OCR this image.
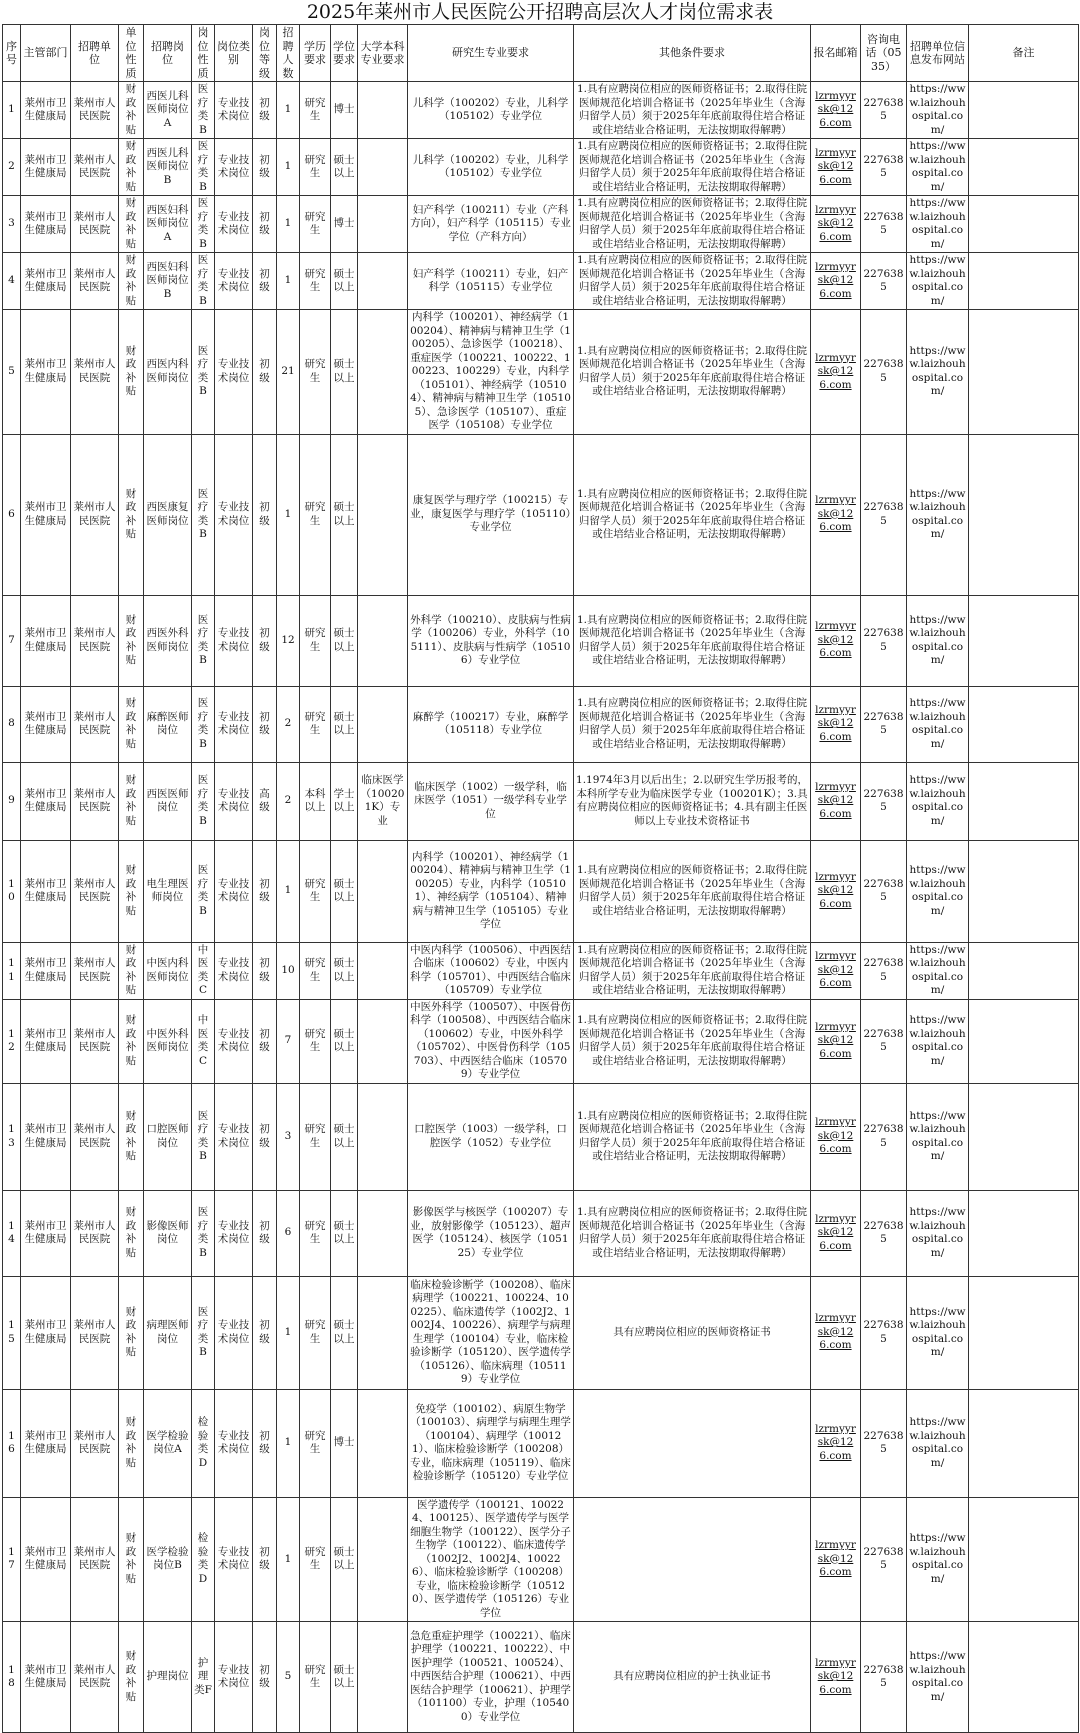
2025年莱州市人民医院公开招聘高层次人才岗位需求表
序号	主管部门	招聘单位	单位性质	招聘岗位	岗位性质	岗位类别	岗位等级	招聘人数	学历要求	学位要求	大学本科专业要求	研究生专业要求	其他条件要求	报名邮箱	咨询电话（0535）	招聘单位信息发布网站	备注
1	莱州市卫生健康局	莱州市人民医院	财政补贴	西医儿科医师岗位A	医疗类B	专业技术岗位	初级	1	研究生	博士		儿科学（100202）专业，儿科学（105102）专业学位	1.具有应聘岗位相应的医师资格证书；2.取得住院医师规范化培训合格证书（2025年毕业生（含海归留学人员）须于2025年年底前取得住培合格证或住培结业合格证明，无法按期取得解聘）	lzrmyyrsk@126.com	2276385	https://www.laizhouhospital.com/	
2	莱州市卫生健康局	莱州市人民医院	财政补贴	西医儿科医师岗位B	医疗类B	专业技术岗位	初级	1	研究生	硕士以上		儿科学（100202）专业，儿科学（105102）专业学位	1.具有应聘岗位相应的医师资格证书；2.取得住院医师规范化培训合格证书（2025年毕业生（含海归留学人员）须于2025年年底前取得住培合格证或住培结业合格证明，无法按期取得解聘）	lzrmyyrsk@126.com	2276385	https://www.laizhouhospital.com/	
3	莱州市卫生健康局	莱州市人民医院	财政补贴	西医妇科医师岗位A	医疗类B	专业技术岗位	初级	1	研究生	博士		妇产科学（100211）专业（产科方向），妇产科学（105115）专业学位（产科方向）	1.具有应聘岗位相应的医师资格证书；2.取得住院医师规范化培训合格证书（2025年毕业生（含海归留学人员）须于2025年年底前取得住培合格证或住培结业合格证明，无法按期取得解聘）	lzrmyyrsk@126.com	2276385	https://www.laizhouhospital.com/	
4	莱州市卫生健康局	莱州市人民医院	财政补贴	西医妇科医师岗位B	医疗类B	专业技术岗位	初级	1	研究生	硕士以上		妇产科学（100211）专业，妇产科学（105115）专业学位	1.具有应聘岗位相应的医师资格证书；2.取得住院医师规范化培训合格证书（2025年毕业生（含海归留学人员）须于2025年年底前取得住培合格证或住培结业合格证明，无法按期取得解聘）	lzrmyyrsk@126.com	2276385	https://www.laizhouhospital.com/	
5	莱州市卫生健康局	莱州市人民医院	财政补贴	西医内科医师岗位	医疗类B	专业技术岗位	初级	21	研究生	硕士以上		内科学（100201）、神经病学（100204）、精神病与精神卫生学（100205）、急诊医学（100218）、重症医学（100221、100222、100223、100229）专业，内科学（105101）、神经病学（105104）、精神病与精神卫生学（105105）、急诊医学（105107）、重症医学（105108）专业学位	1.具有应聘岗位相应的医师资格证书；2.取得住院医师规范化培训合格证书（2025年毕业生（含海归留学人员）须于2025年年底前取得住培合格证或住培结业合格证明，无法按期取得解聘）	lzrmyyrsk@126.com	2276385	https://www.laizhouhospital.com/	
6	莱州市卫生健康局	莱州市人民医院	财政补贴	西医康复医师岗位	医疗类B	专业技术岗位	初级	1	研究生	硕士以上		康复医学与理疗学（100215）专业，康复医学与理疗学（105110）专业学位	1.具有应聘岗位相应的医师资格证书；2.取得住院医师规范化培训合格证书（2025年毕业生（含海归留学人员）须于2025年年底前取得住培合格证或住培结业合格证明，无法按期取得解聘）	lzrmyyrsk@126.com	2276385	https://www.laizhouhospital.com/	
7	莱州市卫生健康局	莱州市人民医院	财政补贴	西医外科医师岗位	医疗类B	专业技术岗位	初级	12	研究生	硕士以上		外科学（100210）、皮肤病与性病学（100206）专业，外科学（105111）、皮肤病与性病学（105106）专业学位	1.具有应聘岗位相应的医师资格证书；2.取得住院医师规范化培训合格证书（2025年毕业生（含海归留学人员）须于2025年年底前取得住培合格证或住培结业合格证明，无法按期取得解聘）	lzrmyyrsk@126.com	2276385	https://www.laizhouhospital.com/	
8	莱州市卫生健康局	莱州市人民医院	财政补贴	麻醉医师岗位	医疗类B	专业技术岗位	初级	2	研究生	硕士以上		麻醉学（100217）专业，麻醉学（105118）专业学位	1.具有应聘岗位相应的医师资格证书；2.取得住院医师规范化培训合格证书（2025年毕业生（含海归留学人员）须于2025年年底前取得住培合格证或住培结业合格证明，无法按期取得解聘）	lzrmyyrsk@126.com	2276385	https://www.laizhouhospital.com/	
9	莱州市卫生健康局	莱州市人民医院	财政补贴	西医医师岗位	医疗类B	专业技术岗位	高级	2	本科以上	学士以上	临床医学（100201K）专业	临床医学（1002）一级学科，临床医学（1051）一级学科专业学位	1.1974年3月以后出生；2.以研究生学历报考的，本科所学专业为临床医学专业（100201K）；3.具有应聘岗位相应的医师资格证书；4.具有副主任医师以上专业技术资格证书	lzrmyyrsk@126.com	2276385	https://www.laizhouhospital.com/	
10	莱州市卫生健康局	莱州市人民医院	财政补贴	电生理医师岗位	医疗类B	专业技术岗位	初级	1	研究生	硕士以上		内科学（100201）、神经病学（100204）、精神病与精神卫生学（100205）专业，内科学（105101）、神经病学（105104）、精神病与精神卫生学（105105）专业学位	1.具有应聘岗位相应的医师资格证书；2.取得住院医师规范化培训合格证书（2025年毕业生（含海归留学人员）须于2025年年底前取得住培合格证或住培结业合格证明，无法按期取得解聘）	lzrmyyrsk@126.com	2276385	https://www.laizhouhospital.com/	
11	莱州市卫生健康局	莱州市人民医院	财政补贴	中医内科医师岗位	中医类C	专业技术岗位	初级	10	研究生	硕士以上		中医内科学（100506）、中西医结合临床（100602）专业，中医内科学（105701）、中西医结合临床（105709）专业学位	1.具有应聘岗位相应的医师资格证书；2.取得住院医师规范化培训合格证书（2025年毕业生（含海归留学人员）须于2025年年底前取得住培合格证或住培结业合格证明，无法按期取得解聘）	lzrmyyrsk@126.com	2276385	https://www.laizhouhospital.com/	
12	莱州市卫生健康局	莱州市人民医院	财政补贴	中医外科医师岗位	中医类C	专业技术岗位	初级	7	研究生	硕士以上		中医外科学（100507）、中医骨伤科学（100508）、中西医结合临床（100602）专业，中医外科学（105702）、中医骨伤科学（105703）、中西医结合临床（105709）专业学位	1.具有应聘岗位相应的医师资格证书；2.取得住院医师规范化培训合格证书（2025年毕业生（含海归留学人员）须于2025年年底前取得住培合格证或住培结业合格证明，无法按期取得解聘）	lzrmyyrsk@126.com	2276385	https://www.laizhouhospital.com/	
13	莱州市卫生健康局	莱州市人民医院	财政补贴	口腔医师岗位	医疗类B	专业技术岗位	初级	3	研究生	硕士以上		口腔医学（1003）一级学科，口腔医学（1052）专业学位	1.具有应聘岗位相应的医师资格证书；2.取得住院医师规范化培训合格证书（2025年毕业生（含海归留学人员）须于2025年年底前取得住培合格证或住培结业合格证明，无法按期取得解聘）	lzrmyyrsk@126.com	2276385	https://www.laizhouhospital.com/	
14	莱州市卫生健康局	莱州市人民医院	财政补贴	影像医师岗位	医疗类B	专业技术岗位	初级	6	研究生	硕士以上		影像医学与核医学（100207）专业，放射影像学（105123）、超声医学（105124）、核医学（105125）专业学位	1.具有应聘岗位相应的医师资格证书；2.取得住院医师规范化培训合格证书（2025年毕业生（含海归留学人员）须于2025年年底前取得住培合格证或住培结业合格证明，无法按期取得解聘）	lzrmyyrsk@126.com	2276385	https://www.laizhouhospital.com/	
15	莱州市卫生健康局	莱州市人民医院	财政补贴	病理医师岗位	医疗类B	专业技术岗位	初级	1	研究生	硕士以上		临床检验诊断学（100208）、临床病理学（100221、100224、100225）、临床遗传学（1002J2、1002J4、100226）、病理学与病理生理学（100104）专业，临床检验诊断学（105120）、医学遗传学（105126）、临床病理（105119）专业学位	具有应聘岗位相应的医师资格证书	lzrmyyrsk@126.com	2276385	https://www.laizhouhospital.com/	
16	莱州市卫生健康局	莱州市人民医院	财政补贴	医学检验岗位A	检验类D	专业技术岗位	初级	1	研究生	博士		免疫学（100102）、病原生物学（100103）、病理学与病理生理学（100104）、病理学（100121）、临床检验诊断学（100208）专业，临床病理（105119）、临床检验诊断学（105120）专业学位		lzrmyyrsk@126.com	2276385	https://www.laizhouhospital.com/	
17	莱州市卫生健康局	莱州市人民医院	财政补贴	医学检验岗位B	检验类D	专业技术岗位	初级	1	研究生	硕士以上		医学遗传学（100121、100224、100125）、医学遗传学与医学细胞生物学（100122）、医学分子生物学（100122）、临床遗传学（1002J2、1002J4、100226）、临床检验诊断学（100208）专业，临床检验诊断学（105120）、医学遗传学（105126）专业学位		lzrmyyrsk@126.com	2276385	https://www.laizhouhospital.com/	
18	莱州市卫生健康局	莱州市人民医院	财政补贴	护理岗位	护理类F	专业技术岗位	初级	5	研究生	硕士以上		急危重症护理学（100221）、临床护理学（100221、100222）、中医护理学（100521、100524）、中西医结合护理（100621）、中西医结合护理学（100621）、护理学（101100）专业，护理（105400）专业学位	具有应聘岗位相应的护士执业证书	lzrmyyrsk@126.com	2276385	https://www.laizhouhospital.com/	
